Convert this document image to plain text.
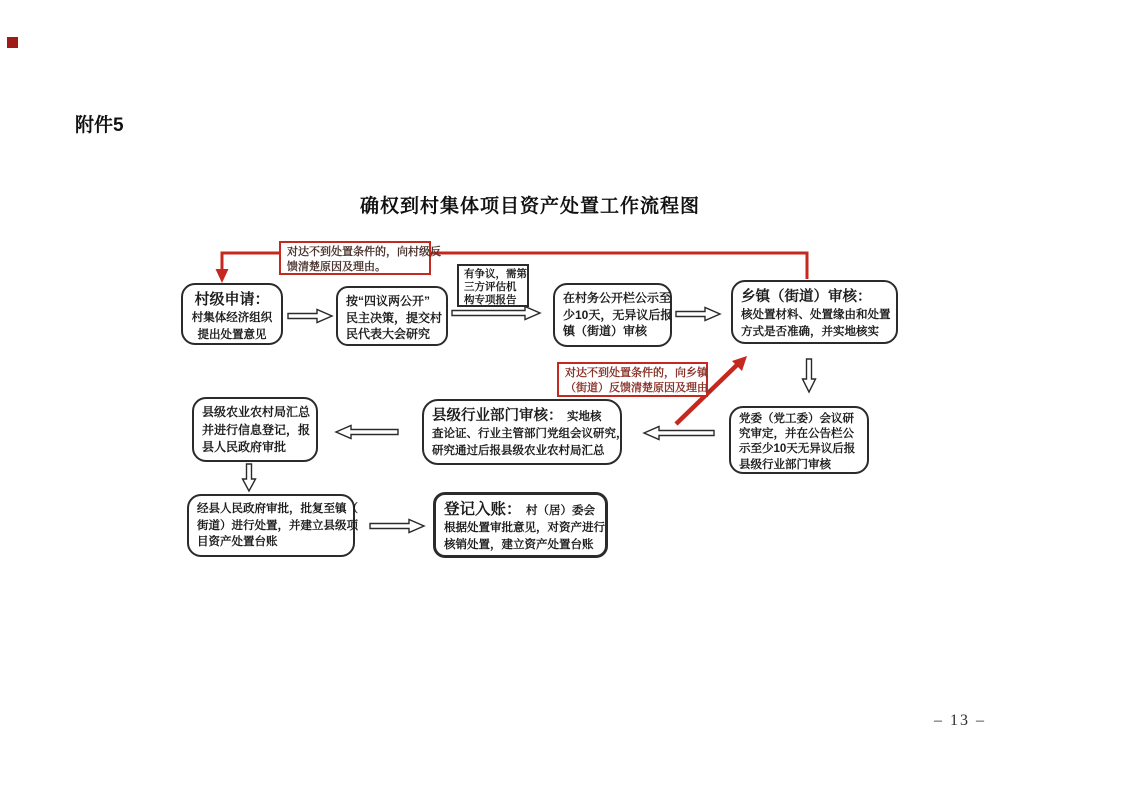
附件5
确权到村集体项目资产处置工作流程图
对达不到处置条件的，向村级反
馈清楚原因及理由。
村级申请：
村集体经济组织
提出处置意见
按“四议两公开”
民主决策，提交村
民代表大会研究
有争议，需第
三方评估机
构专项报告	在村务公开栏公示至
少10天，无异议后报
镇（街道）审核
乡镇（街道）审核：
核处置材料、处置缘由和处置
方式是否准确，并实地核实
对达不到处置条件的，向乡镇
（街道）反馈清楚原因及理由。
党委（党工委）会议研
究审定，并在公告栏公
示至少10天无异议后报
县级行业部门审核
县级行业部门审核： 实地核
查论证、行业主管部门党组会议研究，
研究通过后报县级农业农村局汇总
县级农业农村局汇总
并进行信息登记，报
县人民政府审批
经县人民政府审批，批复至镇（
街道）进行处置，并建立县级项
目资产处置台账
登记入账： 村（居）委会
根据处置审批意见，对资产进行
核销处置，建立资产处置台账
– 13 –
